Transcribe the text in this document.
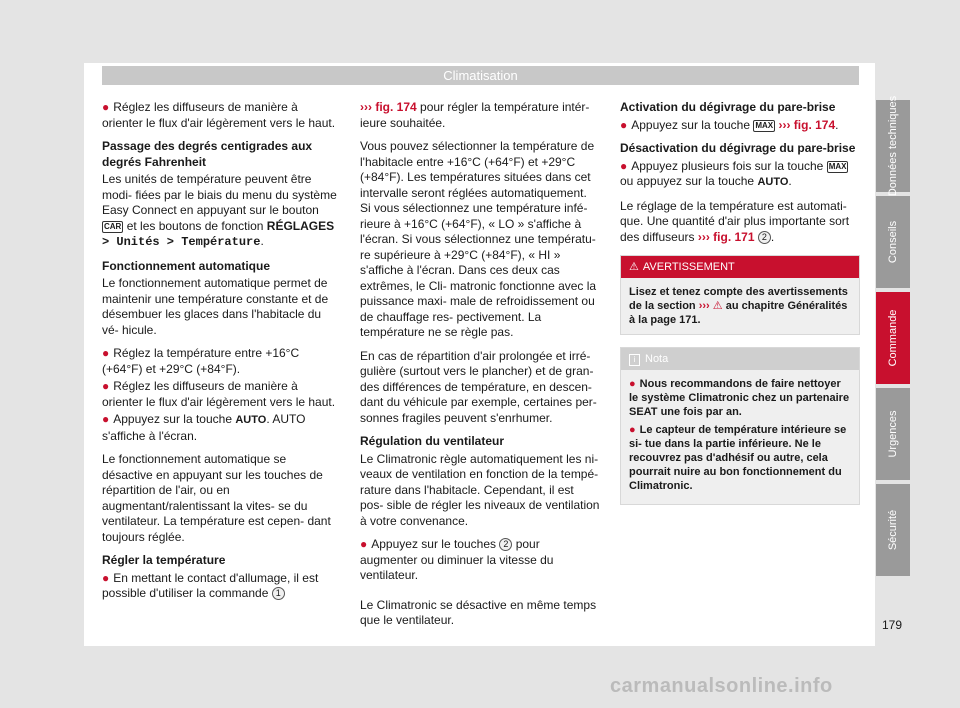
Climatisation

● Réglez les diffuseurs de manière à orienter le flux d'air légèrement vers le haut.

Passage des degrés centigrades aux degrés Fahrenheit

Les unités de température peuvent être modi- fiées par le biais du menu du système Easy Connect en appuyant sur le bouton CAR et les boutons de fonction RÉGLAGES > Unités > Température.

Fonctionnement automatique

Le fonctionnement automatique permet de maintenir une température constante et de désembuer les glaces dans l'habitacle du vé- hicule.

● Réglez la température entre +16°C (+64°F) et +29°C (+84°F).

● Réglez les diffuseurs de manière à orienter le flux d'air légèrement vers le haut.

● Appuyez sur la touche AUTO. AUTO s'affiche à l'écran.

Le fonctionnement automatique se désactive en appuyant sur les touches de répartition de l'air, ou en augmentant/ralentissant la vites- se du ventilateur. La température est cepen- dant toujours réglée.

Régler la température

● En mettant le contact d'allumage, il est possible d'utiliser la commande 1

››› fig. 174 pour régler la température intér- ieure souhaitée.

Vous pouvez sélectionner la température de l'habitacle entre +16°C (+64°F) et +29°C (+84°F). Les températures situées dans cet intervalle seront réglées automatiquement. Si vous sélectionnez une température infé- rieure à +16°C (+64°F), « LO » s'affiche à l'écran. Si vous sélectionnez une températu- re supérieure à +29°C (+84°F), « HI » s'affiche à l'écran. Dans ces deux cas extrêmes, le Cli- matronic fonctionne avec la puissance maxi- male de refroidissement ou de chauffage res- pectivement. La température ne se règle pas.

En cas de répartition d'air prolongée et irré- gulière (surtout vers le plancher) et de gran- des différences de température, en descen- dant du véhicule par exemple, certaines per- sonnes fragiles peuvent s'enrhumer.

Régulation du ventilateur

Le Climatronic règle automatiquement les ni- veaux de ventilation en fonction de la tempé- rature dans l'habitacle. Cependant, il est pos- sible de régler les niveaux de ventilation à votre convenance.

● Appuyez sur le touches 2 pour augmenter ou diminuer la vitesse du ventilateur.

Le Climatronic se désactive en même temps que le ventilateur.

Activation du dégivrage du pare-brise

● Appuyez sur la touche MAX ››› fig. 174.

Désactivation du dégivrage du pare-brise

● Appuyez plusieurs fois sur la touche MAX ou appuyez sur la touche AUTO.

Le réglage de la température est automati- que. Une quantité d'air plus importante sort des diffuseurs ››› fig. 171 2 .

⚠ AVERTISSEMENT
Lisez et tenez compte des avertissements de la section ››› ⚠ au chapitre Généralités à la page 171.
i Nota

● Nous recommandons de faire nettoyer le système Climatronic chez un partenaire SEAT une fois par an.

● Le capteur de température intérieure se si- tue dans la partie inférieure. Ne le recouvrez pas d'adhésif ou autre, cela pourrait nuire au bon fonctionnement du Climatronic.

Données techniques
Conseils
Commande
Urgences
Sécurité
179
carmanualsonline.info
